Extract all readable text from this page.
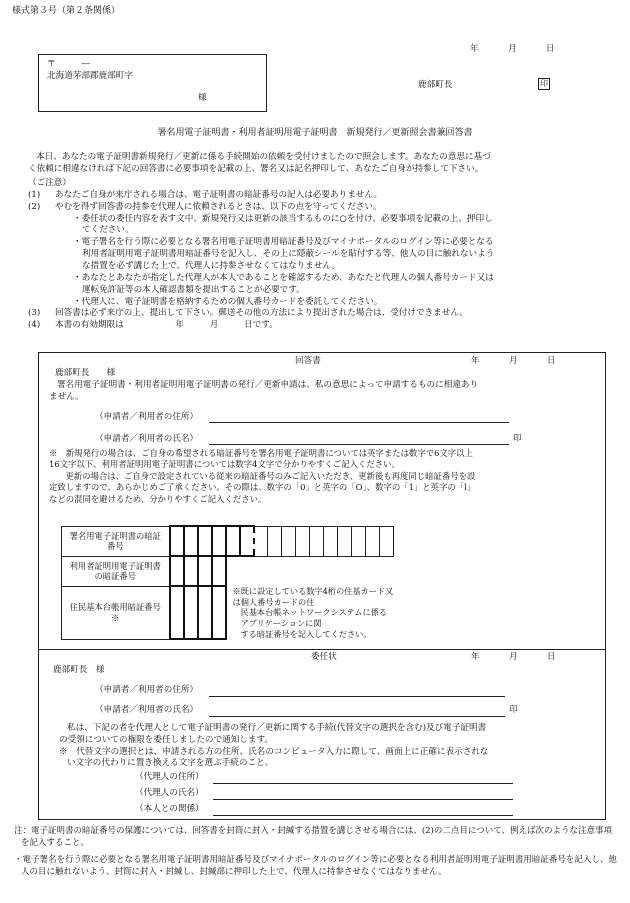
様式第３号（第２条関係）
年	月	日
〒　　　―
北海道茅部郡鹿部町字
様
鹿部町長	印
署名用電子証明書・利用者証明用電子証明書　新規発行／更新照会書兼回答書

本日、あなたの電子証明書新規発行／更新に係る手続開始の依頼を受付けましたので照会します。あなたの意思に基づ

く依頼に相違なければ下記の回答書に必要事項を記載の上、署名又は記名押印して、あなたご自身が持参して下さい。

（ご注意）
(1)	あなたご自身が来庁される場合は、電子証明書の暗証番号の記入は必要ありません。
(2)	やむを得ず回答書の持参を代理人に依頼されるときは、以下の点を守ってください。
・委任状の委任内容を表す文中、新規発行又は更新の該当するものに○を付け、必要事項を記載の上、押印し
てください。
・電子署名を行う際に必要となる署名用電子証明書用暗証番号及びマイナポータルのログイン等に必要となる
利用者証明用電子証明書用暗証番号を記入し、その上に隠蔽シールを貼付する等、他人の目に触れないよう
な措置を必ず講じた上で、代理人に持参させなくてはなりません。
・あなたとあなたが指定した代理人が本人であることを確認するため、あなたと代理人の個人番号カード又は
運転免許証等の本人確認書類を提出することが必要です。
・代理人に、電子証明書を格納するための個人番号カードを委託してください。
(3)	回答書は必ず来庁の上、提出して下さい。郵送その他の方法により提出された場合は、受付けできません。
(4)	本書の有効期限は　　　　　　年　　　月　　　日です。
回答書	年	月	日
鹿部町長　　様
署名用電子証明書・利用者証明用電子証明書の発行／更新申請は、私の意思によって申請するものに相違あり
ません。
（申請者／利用者の住所）
（申請者／利用者の氏名）	印
※　新規発行の場合は、ご自身の希望される暗証番号を署名用電子証明書については英字または数字で6文字以上
16文字以下、利用者証明用電子証明書については数字4文字で分かりやすくご記入ください。
　更新の場合は、ご自身で設定されている従来の暗証番号のみご記入いただき、更新後も再度同じ暗証番号を設
定致しますので、あらかじめご了承ください。その際は、数字の「0」と英字の「O」、数字の「1」と英字の「l」
などの混同を避けるため、分かりやすくご記入ください。
署名用電子証明書の暗証番号																
利用者証明用電子証明書の暗証番号																
住民基本台帳用暗証番号※					※既に設定している数字4桁の住基カード又は個人番号カードの住
民基本台帳ネットワークシステムに係るアプリケーションに関
する暗証番号を記入してください。											
委任状	年	月	日
鹿部町長　様
（申請者／利用者の住所）
（申請者／利用者の氏名）	印
私は、下記の者を代理人として電子証明書の発行／更新に関する手続(代替文字の選択を含む)及び電子証明書
の受領についての権限を委任しましたので通知します。
※　代替文字の選択とは、申請される方の住所、氏名のコンピュータ入力に際して、画面上に正確に表示されな
い文字の代わりに置き換える文字を選ぶ手続のこと。
（代理人の住所）
（代理人の氏名）
（本人との関係）

注：電子証明書の暗証番号の保護については、回答書を封筒に封入・封緘する措置を講じさせる場合には、(2)の二点目について、例えば次のような注意事項を記入すること。

・電子署名を行う際に必要となる署名用電子証明書用暗証番号及びマイナポータルのログイン等に必要となる利用者証明用電子証明書用暗証番号を記入し、他人の目に触れないよう、封筒に封入・封緘し、封緘部に押印した上で、代理人に持参させなくてはなりません。
